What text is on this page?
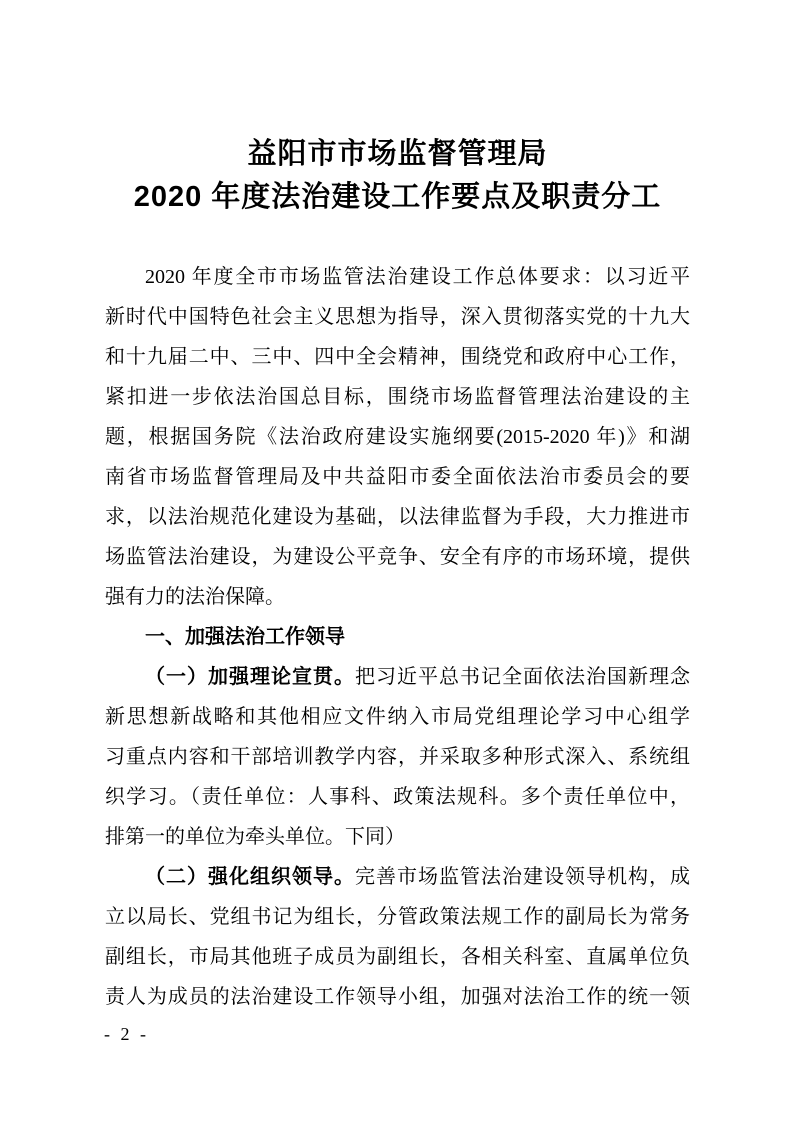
益阳市市场监督管理局
2020 年度法治建设工作要点及职责分工
2020 年度全市市场监管法治建设工作总体要求：以习近平
新时代中国特色社会主义思想为指导，深入贯彻落实党的十九大
和十九届二中、三中、四中全会精神，围绕党和政府中心工作，
紧扣进一步依法治国总目标，围绕市场监督管理法治建设的主
题，根据国务院《法治政府建设实施纲要(2015-2020 年)》和湖
南省市场监督管理局及中共益阳市委全面依法治市委员会的要
求，以法治规范化建设为基础，以法律监督为手段，大力推进市
场监管法治建设，为建设公平竞争、安全有序的市场环境，提供
强有力的法治保障。
一、加强法治工作领导
（一）加强理论宣贯。把习近平总书记全面依法治国新理念
新思想新战略和其他相应文件纳入市局党组理论学习中心组学
习重点内容和干部培训教学内容，并采取多种形式深入、系统组
织学习。（责任单位：人事科、政策法规科。多个责任单位中，
排第一的单位为牵头单位。下同）
（二）强化组织领导。完善市场监管法治建设领导机构，成
立以局长、党组书记为组长，分管政策法规工作的副局长为常务
副组长，市局其他班子成员为副组长，各相关科室、直属单位负
责人为成员的法治建设工作领导小组，加强对法治工作的统一领
- 2 -
